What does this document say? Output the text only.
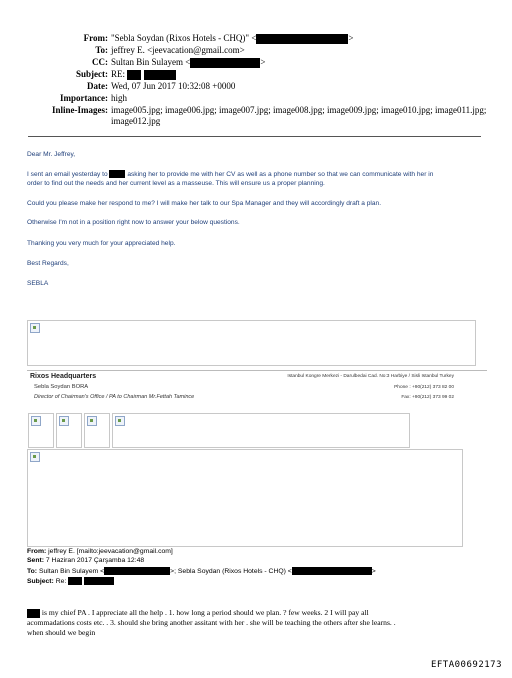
From: "Sebla Soydan (Rixos Hotels - CHQ)" <	>
To: jeffrey E. <jeevacation@gmail.com>
CC: Sultan Bin Sulayem <	>
Subject: RE:
Date: Wed, 07 Jun 2017 10:32:08 +0000
Importance: high
Inline-Images: image005.jpg; image006.jpg; image007.jpg; image008.jpg; image009.jpg; image010.jpg; image011.jpg;
image012.jpg
Dear Mr. Jeffrey,
I sent an email yesterday to	asking her to provide me with her CV as well as a phone number so that we can communicate with her in
order to find out the needs and her current level as a masseuse. This will ensure us a proper planning.
Could you please make her respond to me? I will make her talk to our Spa Manager and they will accordingly draft a plan.
Otherwise I'm not in a position right now to answer your below questions.
Thanking you very much for your appreciated help.
Best Regards,
SEBLA
Rixos Headquarters
Sebla Soydan BORA
Director of Chairman's Office / PA to Chairman Mr.Fettah Tamince
Istanbul Kongre Merkezi - Darulbedai Cad. No:3 Harbiye / Sisli Istanbul Turkey
Phone : +90(212) 373 82 00
Fax: +90(212) 373 99 02
From: jeffrey E. [mailto:jeevacation@gmail.com]
Sent: 7 Haziran 2017 Çarşamba 12:48
To: Sultan Bin Sulayem <	>; Sebla Soydan (Rixos Hotels - CHQ) <	>
Subject: Re:
is my chief PA . I appreciate all the help . 1. how long a period should we plan. ? few weeks. 2 I will pay all
acommadations costs etc. . 3. should she bring another assitant with her . she will be teaching the others after she learns. .
when should we begin
EFTA00692173
